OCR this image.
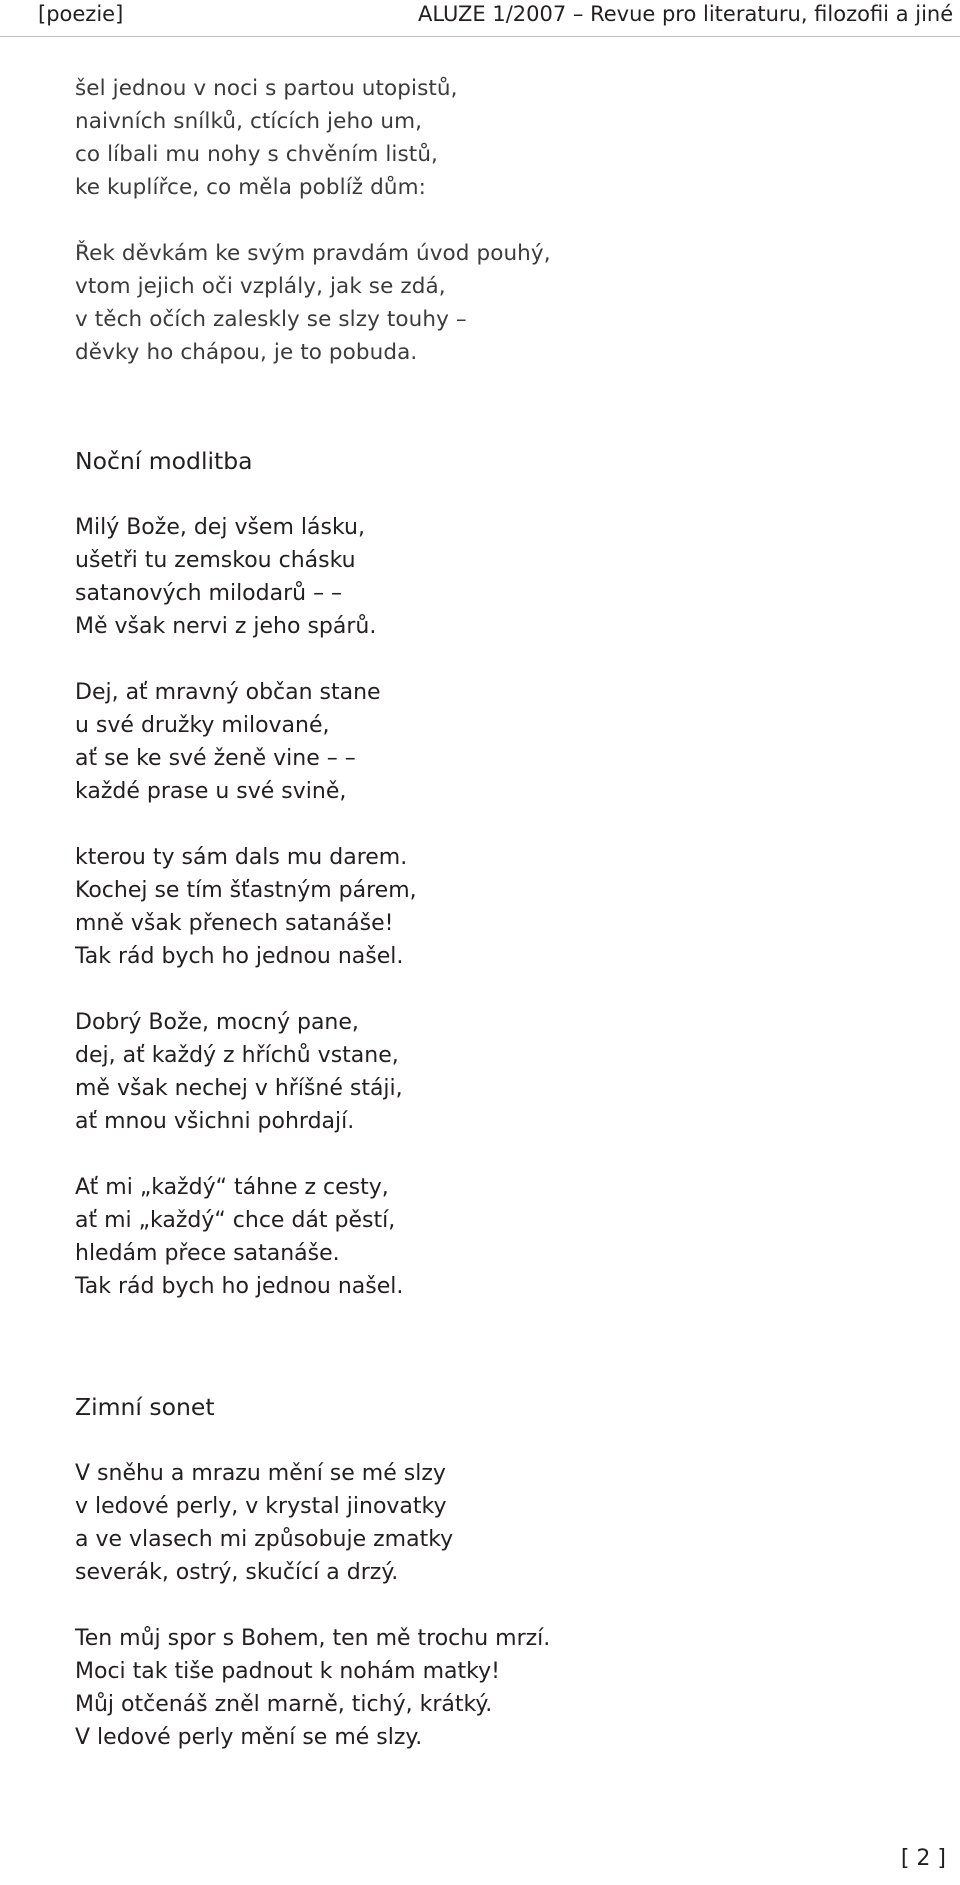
[poezie]	ALUZE 1/2007 – Revue pro literaturu, filozofii a jiné
šel jednou v noci s partou utopistů,
naivních snílků, ctících jeho um,
co líbali mu nohy s chvěním listů,
ke kuplířce, co měla poblíž dům:
Řek děvkám ke svým pravdám úvod pouhý,
vtom jejich oči vzplály, jak se zdá,
v těch očích zaleskly se slzy touhy –
děvky ho chápou, je to pobuda.
Noční modlitba
Milý Bože, dej všem lásku,
ušetři tu zemskou chásku
satanových milodarů – –
Mě však nervi z jeho spárů.
Dej, ať mravný občan stane
u své družky milované,
ať se ke své ženě vine – –
každé prase u své svině,
kterou ty sám dals mu darem.
Kochej se tím šťastným párem,
mně však přenech satanáše!
Tak rád bych ho jednou našel.
Dobrý Bože, mocný pane,
dej, ať každý z hříchů vstane,
mě však nechej v hříšné stáji,
ať mnou všichni pohrdají.
Ať mi „každý“ táhne z cesty,
ať mi „každý“ chce dát pěstí,
hledám přece satanáše.
Tak rád bych ho jednou našel.
Zimní sonet
V sněhu a mrazu mění se mé slzy
v ledové perly, v krystal jinovatky
a ve vlasech mi způsobuje zmatky
severák, ostrý, skučící a drzý.
Ten můj spor s Bohem, ten mě trochu mrzí.
Moci tak tiše padnout k nohám matky!
Můj otčenáš zněl marně, tichý, krátký.
V ledové perly mění se mé slzy.
[ 2 ]
